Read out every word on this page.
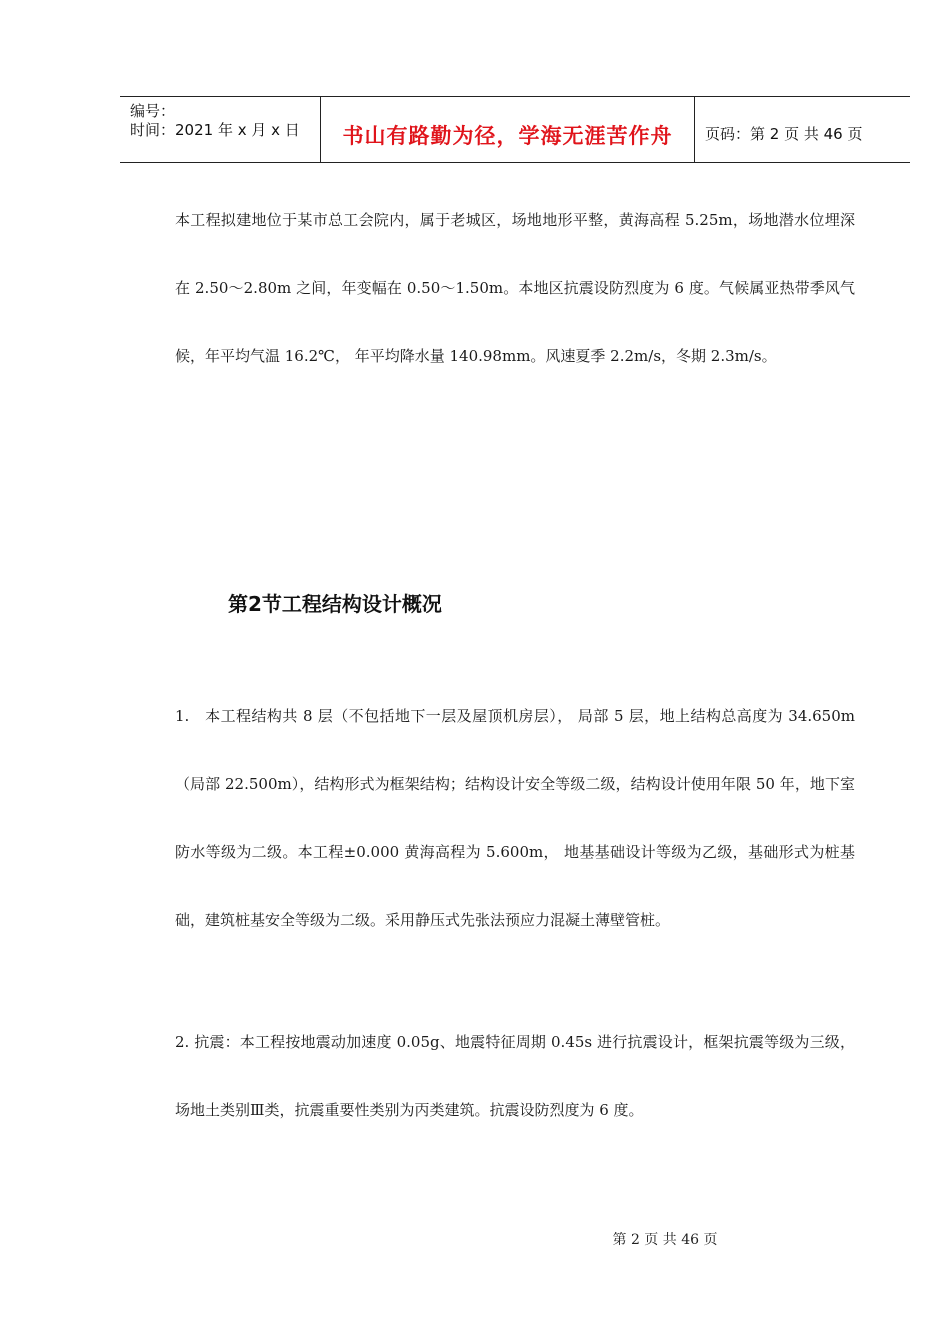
编号：
时间：2021 年 x 月 x 日	书山有路勤为径，学海无涯苦作舟	页码：第 2 页 共 46 页

本工程拟建地位于某市总工会院内，属于老城区，场地地形平整，黄海高程 5.25m，场地潜水位埋深在 2.50～2.80m 之间，年变幅在 0.50～1.50m。本地区抗震设防烈度为 6 度。气候属亚热带季风气候，年平均气温 16.2℃， 年平均降水量 140.98mm。风速夏季 2.2m/s，冬期 2.3m/s。

第2节工程结构设计概况

1.　本工程结构共 8 层（不包括地下一层及屋顶机房层）， 局部 5 层，地上结构总高度为 34.650m（局部 22.500m），结构形式为框架结构；结构设计安全等级二级，结构设计使用年限 50 年，地下室防水等级为二级。本工程±0.000 黄海高程为 5.600m， 地基基础设计等级为乙级，基础形式为桩基础，建筑桩基安全等级为二级。采用静压式先张法预应力混凝土薄壁管桩。

2. 抗震：本工程按地震动加速度 0.05g、地震特征周期 0.45s 进行抗震设计，框架抗震等级为三级，场地土类别Ⅲ类，抗震重要性类别为丙类建筑。抗震设防烈度为 6 度。

第 2 页 共 46 页
